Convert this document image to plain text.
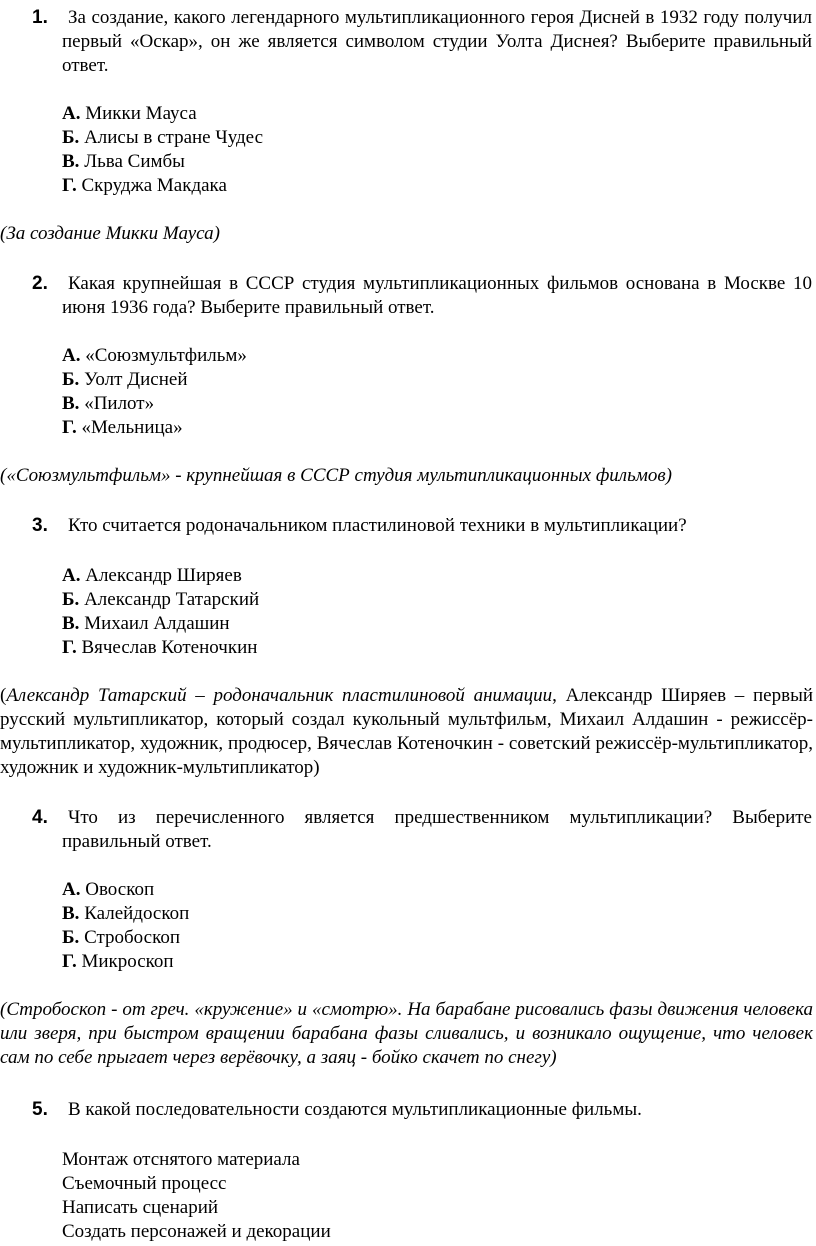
1.	За создание, какого легендарного мультипликационного героя Дисней в 1932 году получил первый «Оскар», он же является символом студии Уолта Диснея? Выберите правильный ответ.
А. Микки Мауса
Б. Алисы в стране Чудес
В. Льва Симбы
Г. Скруджа Макдака
(За создание Микки Мауса)
2.	Какая крупнейшая в СССР студия мультипликационных фильмов основана в Москве 10 июня 1936 года? Выберите правильный ответ.
А. «Союзмультфильм»
Б. Уолт Дисней
В. «Пилот»
Г. «Мельница»
(«Союзмультфильм» - крупнейшая в СССР студия мультипликационных фильмов)
3.	Кто считается родоначальником пластилиновой техники в мультипликации?
А. Александр Ширяев
Б. Александр Татарский
В. Михаил Алдашин
Г. Вячеслав Котеночкин
(Александр Татарский – родоначальник пластилиновой анимации, Александр Ширяев – первый русский мультипликатор, который создал кукольный мультфильм, Михаил Алдашин - режиссёр-мультипликатор, художник, продюсер, Вячеслав Котеночкин - советский режиссёр-мультипликатор, художник и художник-мультипликатор)
4.	Что из перечисленного является предшественником мультипликации? Выберите правильный ответ.
А. Овоскоп
В. Калейдоскоп
Б. Стробоскоп
Г. Микроскоп
(Стробоскоп - от греч. «кружение» и «смотрю». На барабане рисовались фазы движения человека или зверя, при быстром вращении барабана фазы сливались, и возникало ощущение, что человек сам по себе прыгает через верёвочку, а заяц - бойко скачет по снегу)
5.	В какой последовательности создаются мультипликационные фильмы.
Монтаж отснятого материала
Съемочный процесс
Написать сценарий
Создать персонажей и декорации
